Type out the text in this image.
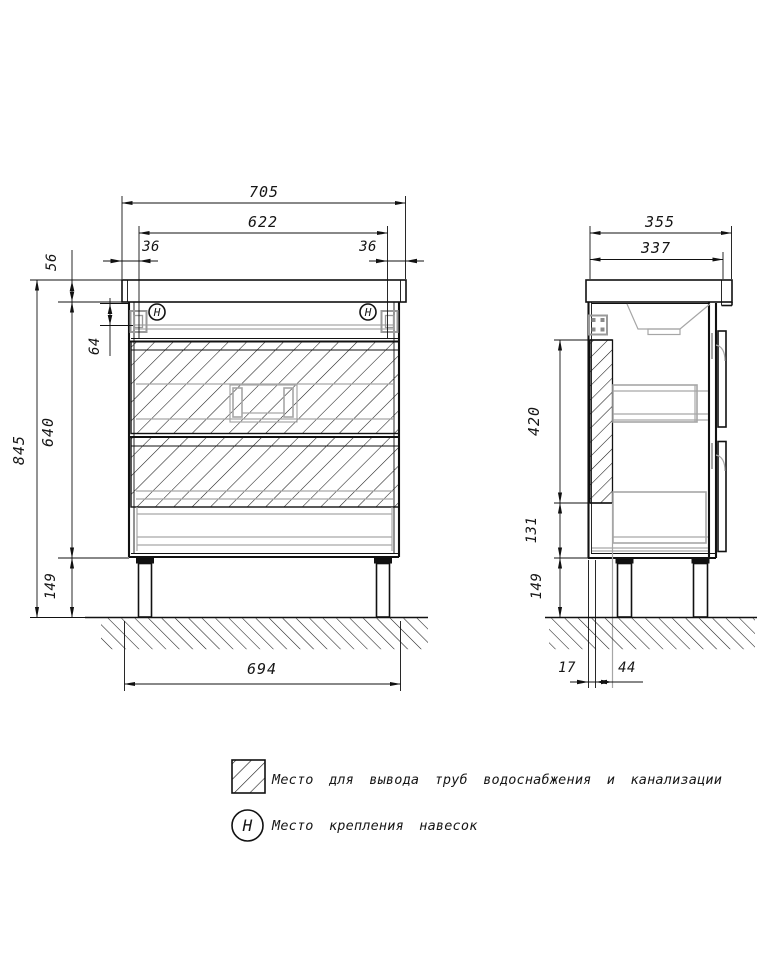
H	H
705
622
36	36
56
64
640
845
149
694
355
337
420
131
149
17	44
Место для вывода труб водоснабжения и канализации
H Место крепления навесок
